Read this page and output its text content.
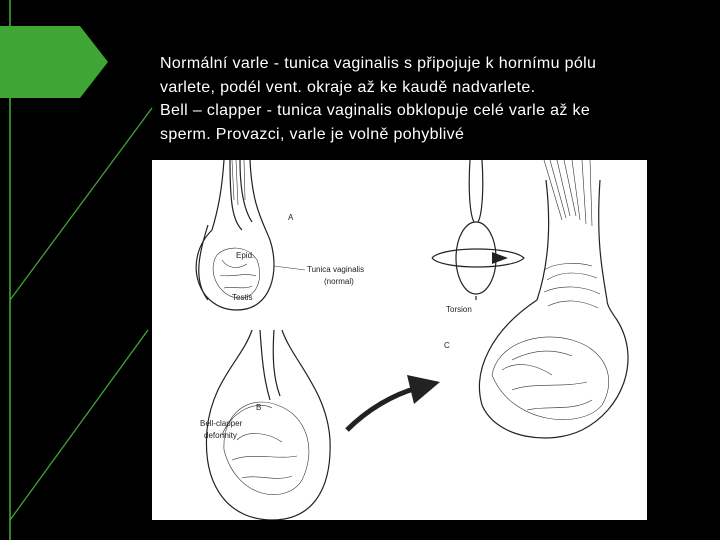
Normální varle - tunica vaginalis s připojuje k hornímu pólu
varlete, podél vent. okraje až ke kaudě nadvarlete.
Bell – clapper - tunica vaginalis obklopuje celé varle až ke
sperm. Provazci, varle je volně pohyblivé
A
Epid.
Testis
Tunica vaginalis
(normal)
B
Bell-clapper
deformity
Torsion
C
